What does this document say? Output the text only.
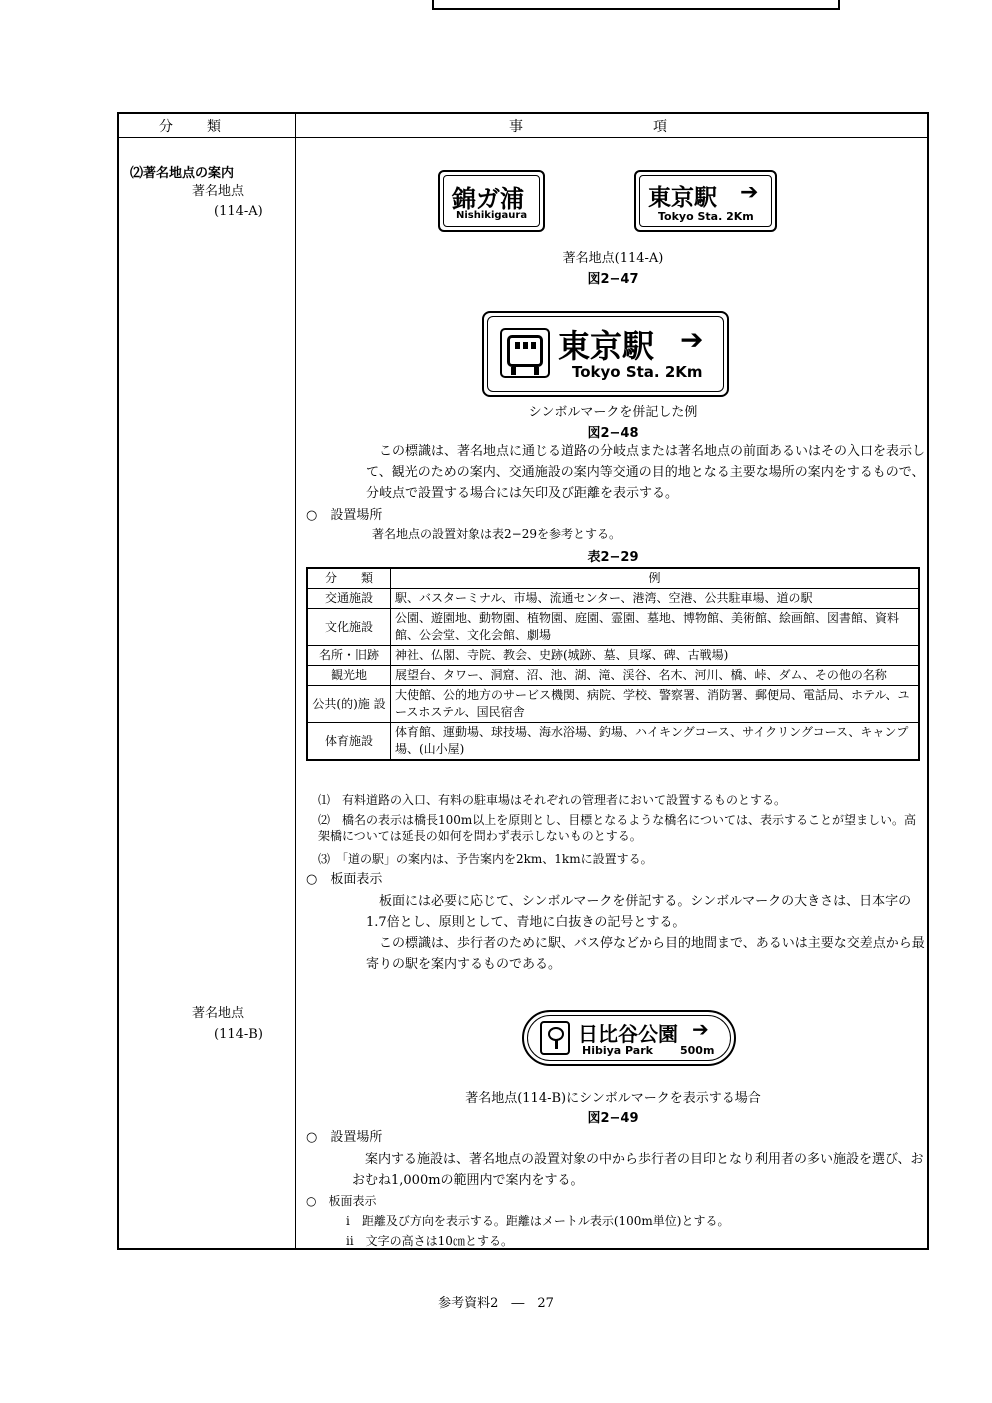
分　　類	事　　　　　　　　項
⑵著名地点の案内
著名地点
(114‐A)
著名地点
(114‐B)
錦ガ浦
Nishikigaura
東京駅 ➔
Tokyo Sta. 2Km
著名地点(114‐A)
図2−47
東京駅 ➔
Tokyo Sta. 2Km
シンボルマークを併記した例
図2−48
この標識は、著名地点に通じる道路の分岐点または著名地点の前面あるいはその入口を表示して、観光のための案内、交通施設の案内等交通の目的地となる主要な場所の案内をするもので、分岐点で設置する場合には矢印及び距離を表示する。
○　設置場所
著名地点の設置対象は表2−29を参考とする。
表2−29
分　　類	例
交通施設	駅、バスターミナル、市場、流通センター、港湾、空港、公共駐車場、道の駅
文化施設	公園、遊園地、動物園、植物園、庭園、霊園、墓地、博物館、美術館、絵画館、図書館、資料館、公会堂、文化会館、劇場
名所・旧跡	神社、仏閣、寺院、教会、史跡(城跡、墓、貝塚、碑、古戦場)
観光地	展望台、タワー、洞窟、沼、池、湖、滝、渓谷、名木、河川、橋、峠、ダム、その他の名称
公共(的)施 設	大使館、公的地方のサービス機関、病院、学校、警察署、消防署、郵便局、電話局、ホテル、ユースホステル、国民宿舎
体育施設	体育館、運動場、球技場、海水浴場、釣場、ハイキングコース、サイクリングコース、キャンプ場、(山小屋)
⑴　有料道路の入口、有料の駐車場はそれぞれの管理者において設置するものとする。
⑵　橋名の表示は橋長100m以上を原則とし、目標となるような橋名については、表示することが望ましい。高架橋については延長の如何を問わず表示しないものとする。
⑶　「道の駅」の案内は、予告案内を2km、1kmに設置する。
○　板面表示
板面には必要に応じて、シンボルマークを併記する。シンボルマークの大きさは、日本字の1.7倍とし、原則として、青地に白抜きの記号とする。
この標識は、歩行者のために駅、バス停などから目的地間まで、あるいは主要な交差点から最寄りの駅を案内するものである。
日比谷公園 ➔
Hibiya Park 500m
著名地点(114‐B)にシンボルマークを表示する場合
図2−49
○　設置場所
案内する施設は、著名地点の設置対象の中から歩行者の目印となり利用者の多い施設を選び、おおむね1,000mの範囲内で案内をする。
○　板面表示
ⅰ　距離及び方向を表示する。距離はメートル表示(100m単位)とする。
ⅱ　文字の高さは10㎝とする。
参考資料2　―　27
